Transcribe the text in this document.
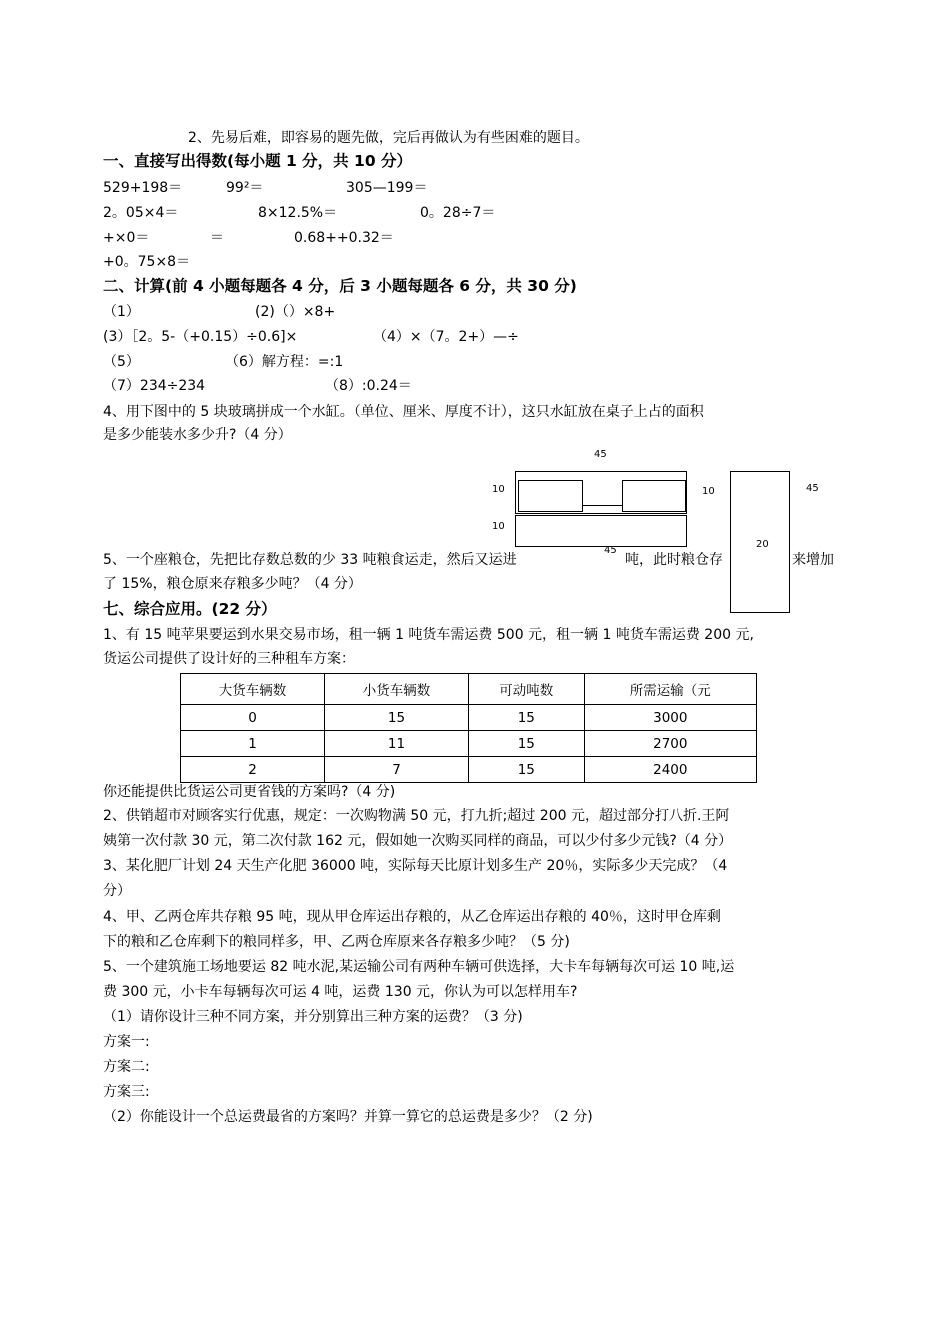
2、先易后难，即容易的题先做，完后再做认为有些困难的题目。
一、直接写出得数(每小题 1 分，共 10 分）
529+198＝	99²＝	305—199＝
2。05×4＝	8×12.5%＝	0。28÷7＝
+×0＝	＝	0.68++0.32＝
+0。75×8＝
二、计算(前 4 小题每题各 4 分，后 3 小题每题各 6 分，共 30 分)
（1）	(2)（）×8+
(3）［2。5-（+0.15）÷0.6]×	（4）×（7。2+）—÷
（5）	（6）解方程：=:1
（7）234÷234	（8）:0.24＝
4、用下图中的 5 块玻璃拼成一个水缸。（单位、厘米、厚度不计），这只水缸放在桌子上占的面积
是多少能装水多少升?（4 分）
45
10
10
10	45
20
45
5、一个座粮仓，先把比存数总数的少 33 吨粮食运走，然后又运进	吨，此时粮仓存	来增加
了 15%，粮仓原来存粮多少吨？（4 分）
七、综合应用。(22 分）
1、有 15 吨苹果要运到水果交易市场，租一辆 1 吨货车需运费 500 元，租一辆 1 吨货车需运费 200 元,
货运公司提供了设计好的三种租车方案：
大货车辆数	小货车辆数	可动吨数	所需运输（元
0	15	15	3000
1	11	15	2700
2	7	15	2400
你还能提供比货运公司更省钱的方案吗?（4 分)
2、供销超市对顾客实行优惠，规定：一次购物满 50 元，打九折;超过 200 元，超过部分打八折.王阿
姨第一次付款 30 元，第二次付款 162 元，假如她一次购买同样的商品，可以少付多少元钱?（4 分）
3、某化肥厂计划 24 天生产化肥 36000 吨，实际每天比原计划多生产 20％，实际多少天完成？（4
分）
4、甲、乙两仓库共存粮 95 吨，现从甲仓库运出存粮的，从乙仓库运出存粮的 40％，这时甲仓库剩
下的粮和乙仓库剩下的粮同样多，甲、乙两仓库原来各存粮多少吨？（5 分)
5、一个建筑施工场地要运 82 吨水泥,某运输公司有两种车辆可供选择，大卡车每辆每次可运 10 吨,运
费 300 元，小卡车每辆每次可运 4 吨，运费 130 元，你认为可以怎样用车?
（1）请你设计三种不同方案，并分别算出三种方案的运费？（3 分)
方案一:
方案二:
方案三:
（2）你能设计一个总运费最省的方案吗？并算一算它的总运费是多少？（2 分)
